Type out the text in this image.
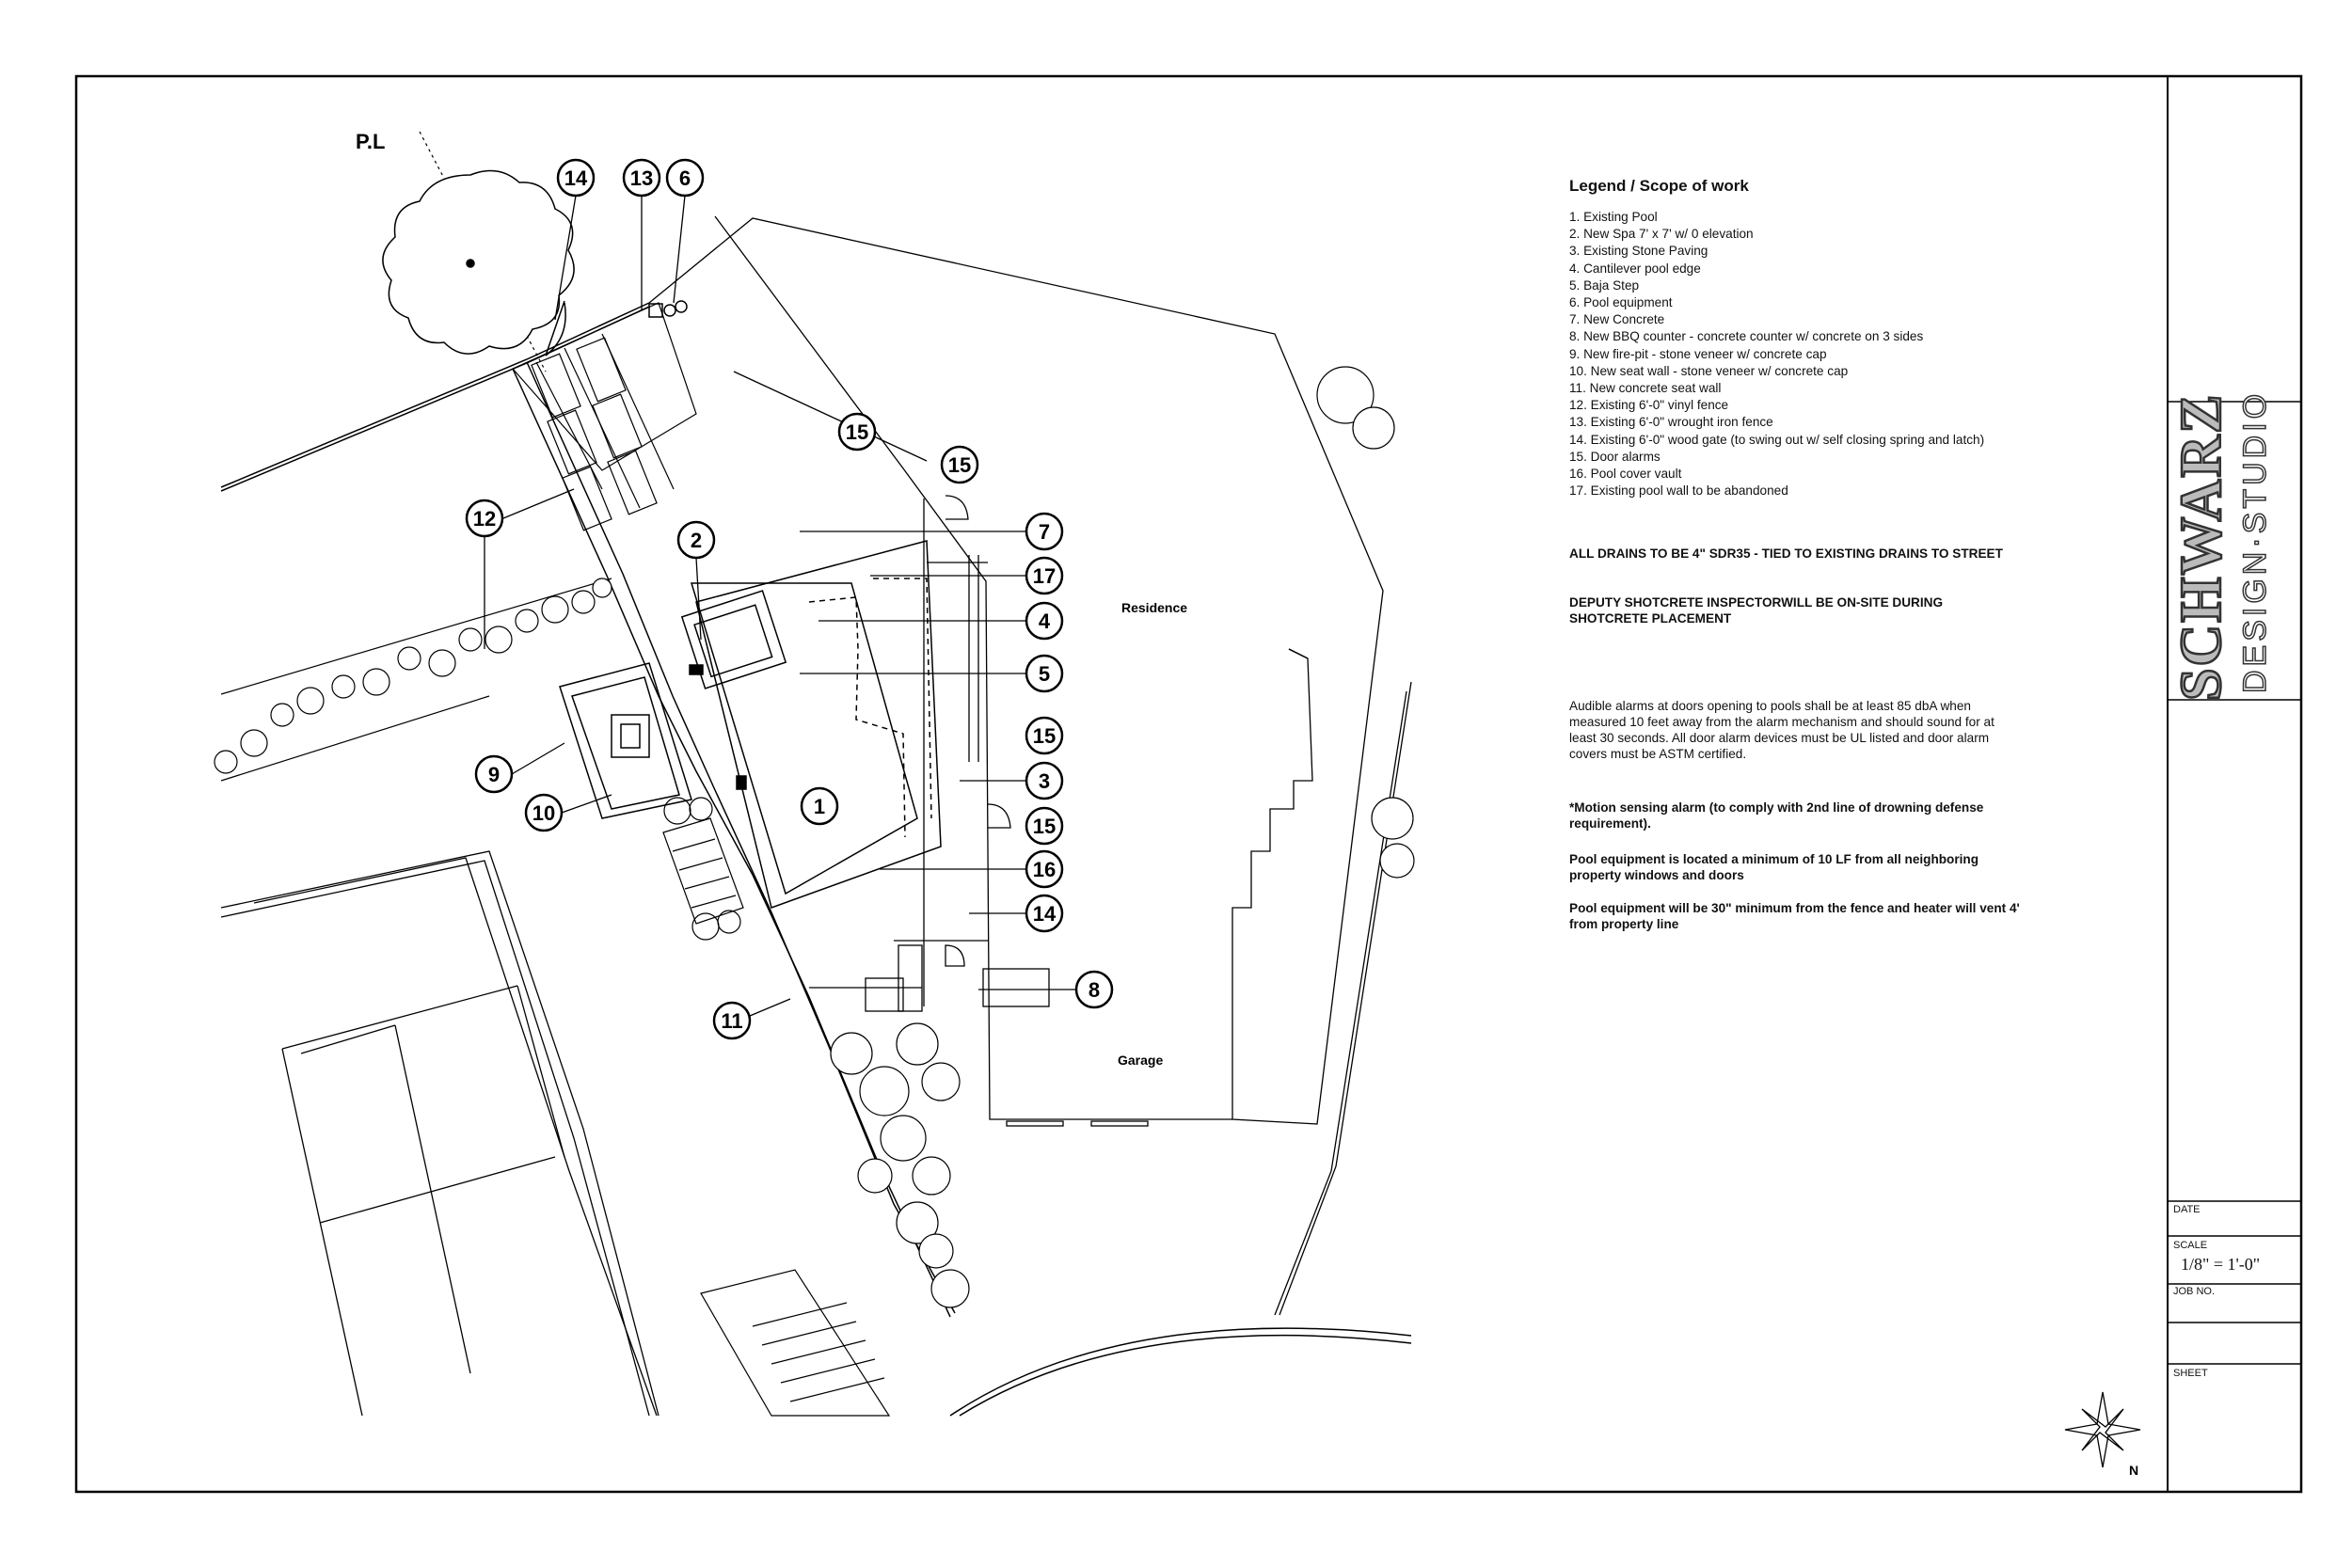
SCHWARZ DESIGN·STUDIO
P.L
14 13 6
15
15
12
2	7
17
4
5
15
3
15
1
16
9
10
14
8
11
Residence
Garage
N
Legend / Scope of work
1. Existing Pool
2. New Spa 7' x 7' w/ 0 elevation
3. Existing Stone Paving
4. Cantilever pool edge
5. Baja Step
6. Pool equipment
7. New Concrete
8. New BBQ counter - concrete counter w/ concrete on 3 sides
9. New fire-pit - stone veneer w/ concrete cap
10. New seat wall - stone veneer w/ concrete cap
11. New concrete seat wall
12. Existing 6'-0" vinyl fence
13. Existing 6'-0" wrought iron fence
14. Existing 6'-0" wood gate (to swing out w/ self closing spring and latch)
15. Door alarms
16. Pool cover vault
17. Existing pool wall to be abandoned
ALL DRAINS TO BE 4" SDR35 - TIED TO EXISTING DRAINS TO STREET
DEPUTY SHOTCRETE INSPECTORWILL BE ON-SITE DURING SHOTCRETE PLACEMENT
Audible alarms at doors opening to pools shall be at least 85 dbA when measured 10 feet away from the alarm mechanism and should sound for at least 30 seconds. All door alarm devices must be UL listed and door alarm covers must be ASTM certified.
*Motion sensing alarm (to comply with 2nd line of drowning defense requirement).
Pool equipment is located a minimum of 10 LF from all neighboring property windows and doors
Pool equipment will be 30" minimum from the fence and heater will vent 4' from property line
DATE
SCALE
1/8" = 1'-0"
JOB NO.
SHEET
